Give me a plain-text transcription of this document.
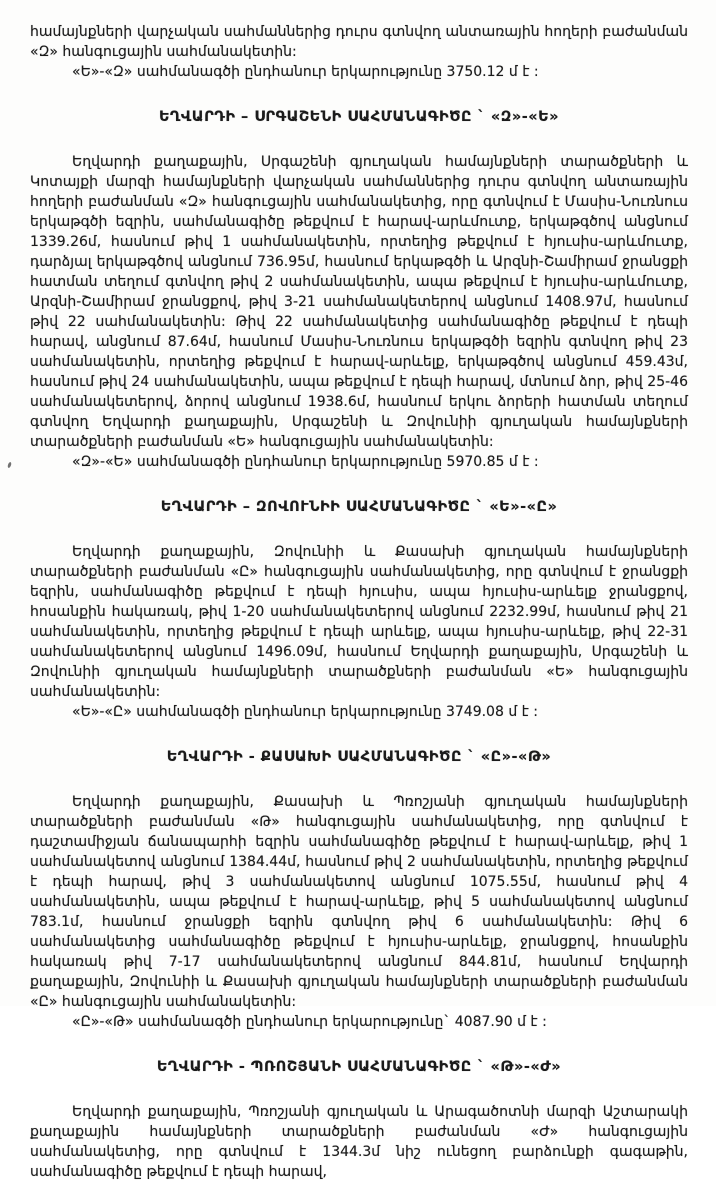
համայնքների վարչական սահմաններից դուրս գտնվող անտառային հողերի բաժանման «Զ» հանգուցային սահմանակետին:

«Ե»-«Զ» սահմանագծի ընդհանուր երկարությունը 3750.12 մ է :

ԵՂՎԱՐԴԻ – ՍՐԳԱՇԵՆԻ ՍԱՀՄԱՆԱԳԻԾԸ ` «Զ»-«Ե»

Եղվարդի քաղաքային, Սրգաշենի գյուղական համայնքների տարածքների և Կոտայքի մարզի համայնքների վարչական սահմաններից դուրս գտնվող անտառային հողերի բաժանման «Զ» հանգուցային սահմանակետից, որը գտնվում է Մասիս-Նուռնուս երկաթգծի եզրին, սահմանագիծը թեքվում է հարավ-արևմուտք, երկաթգծով անցնում 1339.26մ, հասնում թիվ 1 սահմանակետին, որտեղից թեքվում է հյուսիս-արևմուտք, դարձյալ երկաթգծով անցնում 736.95մ, հասնում երկաթգծի և Արզնի-Շամիրամ ջրանցքի հատման տեղում գտնվող թիվ 2 սահմանակետին, ապա թեքվում է հյուսիս-արևմուտք, Արզնի-Շամիրամ ջրանցքով, թիվ 3-21 սահմանակետերով անցնում 1408.97մ, հասնում թիվ 22 սահմանակետին: Թիվ 22 սահմանակետից սահմանագիծը թեքվում է դեպի հարավ, անցնում 87.64մ, հասնում Մասիս-Նուռնուս երկաթգծի եզրին գտնվող թիվ 23 սահմանակետին, որտեղից թեքվում է հարավ-արևելք, երկաթգծով անցնում 459.43մ, հասնում թիվ 24 սահմանակետին, ապա թեքվում է դեպի հարավ, մտնում ձոր, թիվ 25-46 սահմանակետերով, ձորով անցնում 1938.6մ, հասնում երկու ձորերի հատման տեղում գտնվող Եղվարդի քաղաքային, Սրգաշենի և Զովունիի գյուղական համայնքների տարածքների բաժանման «Ե» հանգուցային սահմանակետին:

«Զ»-«Ե» սահմանագծի ընդհանուր երկարությունը 5970.85 մ է :

ԵՂՎԱՐԴԻ – ԶՈՎՈՒՆԻԻ ՍԱՀՄԱՆԱԳԻԾԸ ` «Ե»-«Ը»

Եղվարդի քաղաքային, Զովունիի և Քասախի գյուղական համայնքների տարածքների բաժանման «Ը» հանգուցային սահմանակետից, որը գտնվում է ջրանցքի եզրին, սահմանագիծը թեքվում է դեպի հյուսիս, ապա հյուսիս-արևելք ջրանցքով, հոսանքին հակառակ, թիվ 1-20 սահմանակետերով անցնում 2232.99մ, հասնում թիվ 21 սահմանակետին, որտեղից թեքվում է դեպի արևելք, ապա հյուսիս-արևելք, թիվ 22-31 սահմանակետերով անցնում 1496.09մ, հասնում Եղվարդի քաղաքային, Սրգաշենի և Զովունիի գյուղական համայնքների տարածքների բաժանման «Ե» հանգուցային սահմանակետին:

«Ե»-«Ը» սահմանագծի ընդհանուր երկարությունը 3749.08 մ է :

ԵՂՎԱՐԴԻ - ՔԱՍԱԽԻ ՍԱՀՄԱՆԱԳԻԾԸ ` «Ը»-«Թ»

Եղվարդի քաղաքային, Քասախի և Պռոշյանի գյուղական համայնքների տարածքների բաժանման «Թ» հանգուցային սահմանակետից, որը գտնվում է դաշտամիջյան ճանապարհի եզրին սահմանագիծը թեքվում է հարավ-արևելք, թիվ 1 սահմանակետով անցնում 1384.44մ, հասնում թիվ 2 սահմանակետին, որտեղից թեքվում է դեպի հարավ, թիվ 3 սահմանակետով անցնում 1075.55մ, հասնում թիվ 4 սահմանակետին, ապա թեքվում է հարավ-արևելք, թիվ 5 սահմանակետով անցնում 783.1մ, հասնում ջրանցքի եզրին գտնվող թիվ 6 սահմանակետին: Թիվ 6 սահմանակետից սահմանագիծը թեքվում է հյուսիս-արևելք, ջրանցքով, հոսանքին հակառակ թիվ 7-17 սահմանակետերով անցնում 844.81մ, հասնում Եղվարդի քաղաքային, Զովունիի և Քասախի գյուղական համայնքների տարածքների բաժանման «Ը» հանգուցային սահմանակետին:

«Ը»-«Թ» սահմանագծի ընդհանուր երկարությունը` 4087.90 մ է :

ԵՂՎԱՐԴԻ - ՊՌՈՇՅԱՆԻ ՍԱՀՄԱՆԱԳԻԾԸ ` «Թ»-«Ժ»

Եղվարդի քաղաքային, Պռոշյանի գյուղական և Արագածոտնի մարզի Աշտարակի քաղաքային համայնքների տարածքների բաժանման «Ժ» հանգուցային սահմանակետից, որը գտնվում է 1344.3մ նիշ ունեցող բարձունքի գագաթին, սահմանագիծը թեքվում է դեպի հարավ,
